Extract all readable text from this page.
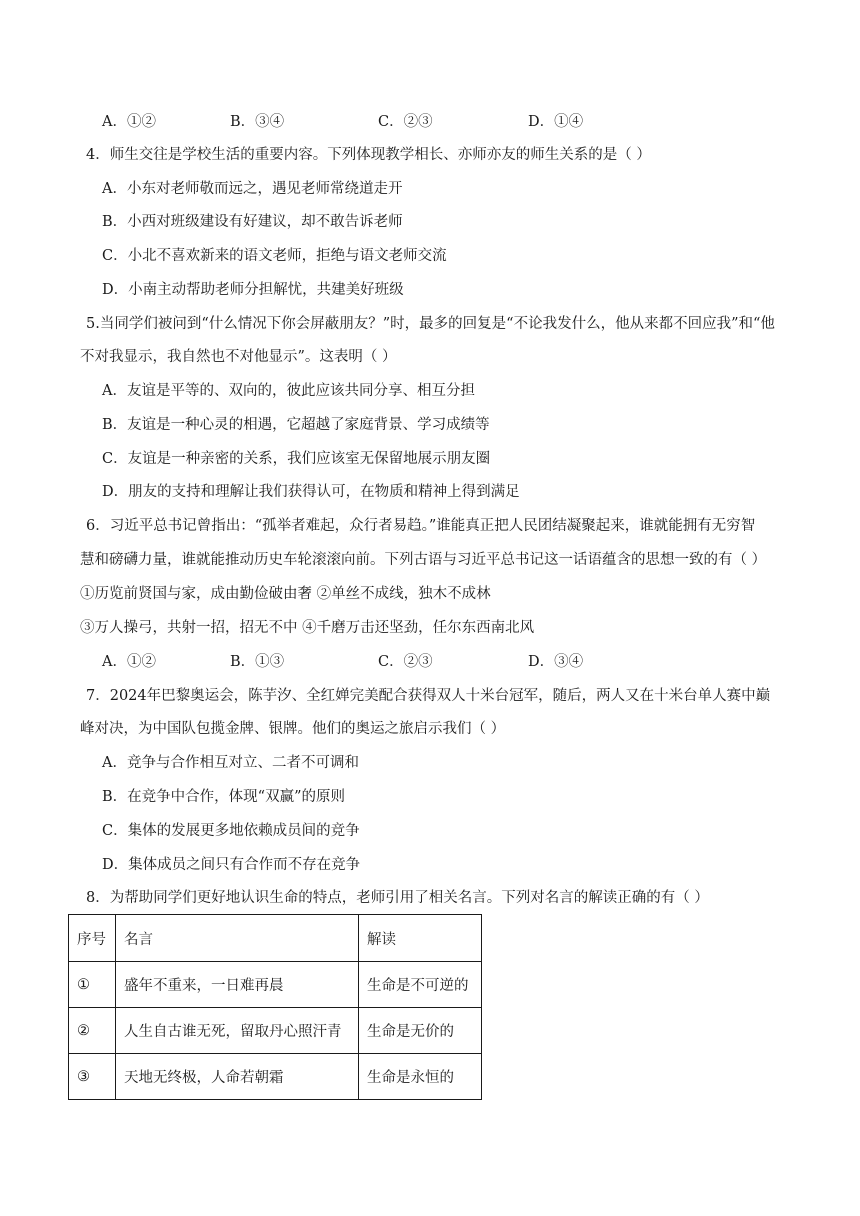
A．①②	B．③④	C．②③	D．①④
4．师生交往是学校生活的重要内容。下列体现教学相长、亦师亦友的师生关系的是（ ）
A．小东对老师敬而远之，遇见老师常绕道走开
B．小西对班级建设有好建议，却不敢告诉老师
C．小北不喜欢新来的语文老师，拒绝与语文老师交流
D．小南主动帮助老师分担解忧，共建美好班级
5.当同学们被问到“什么情况下你会屏蔽朋友？”时，最多的回复是“不论我发什么，他从来都不回应我”和“他
不对我显示，我自然也不对他显示”。这表明（ ）
A．友谊是平等的、双向的，彼此应该共同分享、相互分担
B．友谊是一种心灵的相遇，它超越了家庭背景、学习成绩等
C．友谊是一种亲密的关系，我们应该室无保留地展示朋友圈
D．朋友的支持和理解让我们获得认可，在物质和精神上得到满足
6．习近平总书记曾指出：“孤举者难起，众行者易趋。”谁能真正把人民团结凝聚起来，谁就能拥有无穷智
慧和磅礴力量，谁就能推动历史车轮滚滚向前。下列古语与习近平总书记这一话语蕴含的思想一致的有（ ）
①历览前贤国与家，成由勤俭破由奢 ②单丝不成线，独木不成林
③万人操弓，共射一招，招无不中 ④千磨万击还坚劲，任尔东西南北风
A．①②	B．①③	C．②③	D．③④
7．2024年巴黎奥运会，陈芋汐、全红婵完美配合获得双人十米台冠军，随后，两人又在十米台单人赛中巅
峰对决，为中国队包揽金牌、银牌。他们的奥运之旅启示我们（ ）
A．竞争与合作相互对立、二者不可调和
B．在竞争中合作，体现“双赢”的原则
C．集体的发展更多地依赖成员间的竞争
D．集体成员之间只有合作而不存在竞争
8．为帮助同学们更好地认识生命的特点，老师引用了相关名言。下列对名言的解读正确的有（ ）
序号	名言	解读
①	盛年不重来，一日难再晨	生命是不可逆的
②	人生自古谁无死，留取丹心照汗青	生命是无价的
③	天地无终极，人命若朝霜	生命是永恒的
